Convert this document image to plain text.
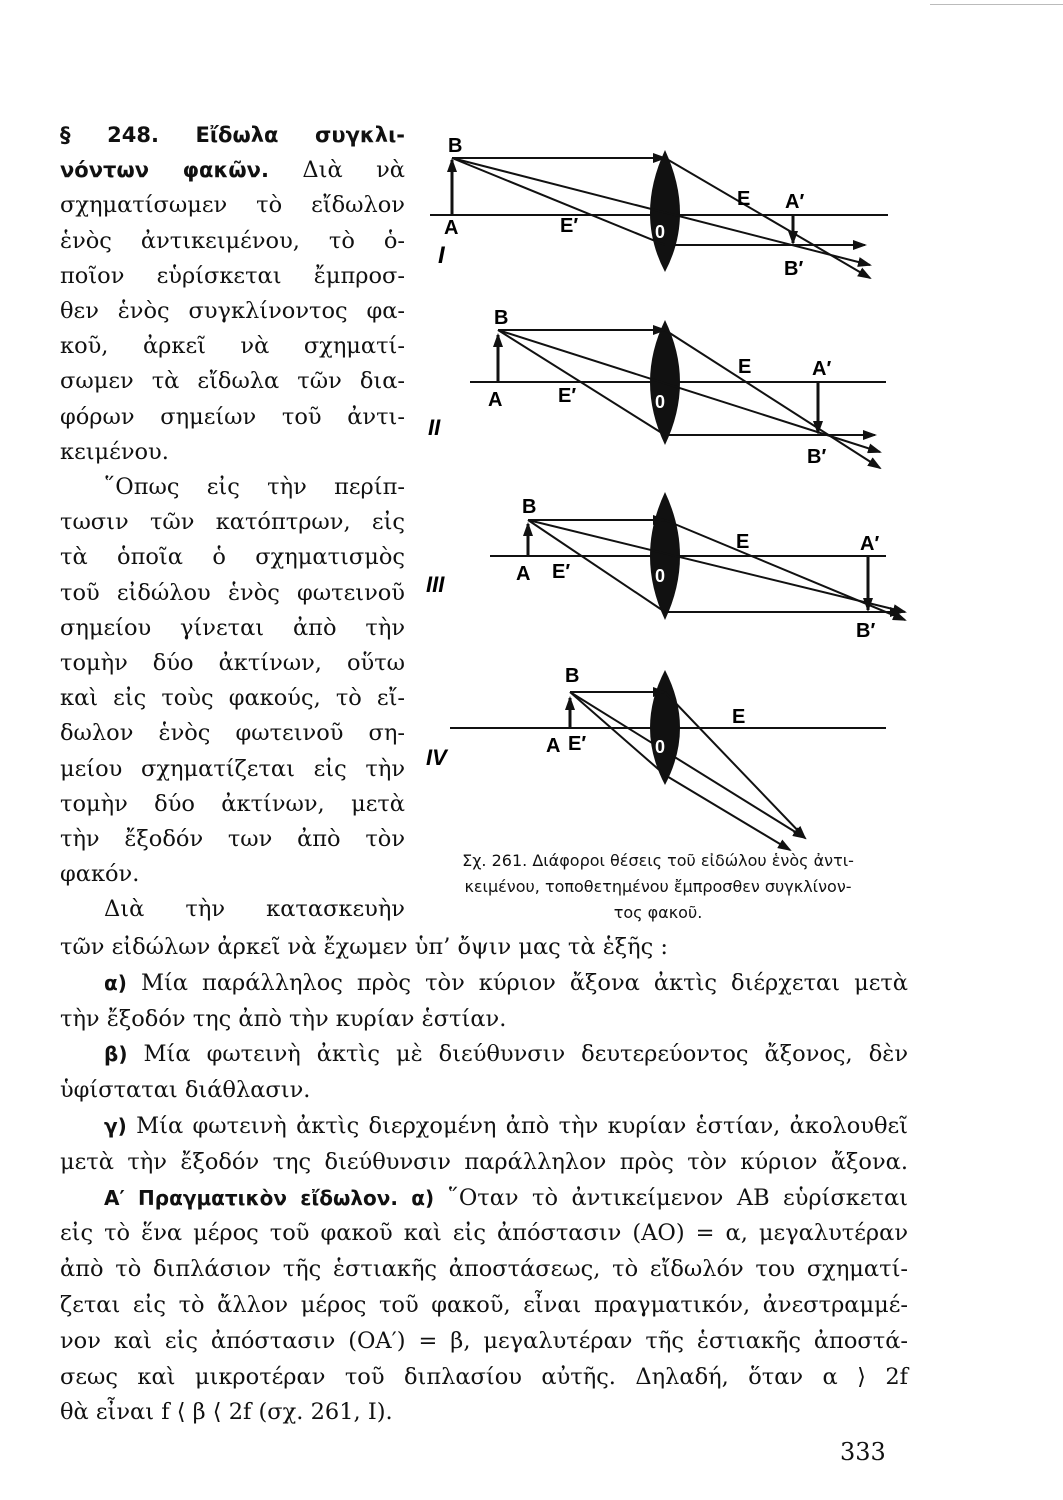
§ 248. Εἴδωλα συγκλι-
νόντων φακῶν. Διὰ νὰ
σχηματίσωμεν τὸ εἴδωλον
ἑνὸς ἀντικειμένου, τὸ ὁ-
ποῖον εὑρίσκεται ἔμπροσ-
θεν ἑνὸς συγκλίνοντος φα-
κοῦ, ἀρκεῖ νὰ σχηματί-
σωμεν τὰ εἴδωλα τῶν δια-
φόρων σημείων τοῦ ἀντι-
κειμένου.
῞Οπως εἰς τὴν περίπ-
τωσιν τῶν κατόπτρων, εἰς
τὰ ὁποῖα ὁ σχηματισμὸς
τοῦ εἰδώλου ἑνὸς φωτεινοῦ
σημείου γίνεται ἀπὸ τὴν
τομὴν δύο ἀκτίνων, οὕτω
καὶ εἰς τοὺς φακούς, τὸ εἴ-
δωλον ἑνὸς φωτεινοῦ ση-
μείου σχηματίζεται εἰς τὴν
τομὴν δύο ἀκτίνων, μετὰ
τὴν ἔξοδόν των ἀπὸ τὸν
φακόν.
Διὰ τὴν κατασκευὴν
B
A	E′	0
E A′
B′
I
B
A	E′	0
E	A′
B′
II
B
A E′	0
E	A′
B′
III
B
A E′	0
E
IV
Σχ. 261. Διάφοροι θέσεις τοῦ εἰδώλου ἑνὸς ἀντι-
κειμένου, τοποθετημένου ἔμπροσθεν συγκλίνον-
τος φακοῦ.
τῶν εἰδώλων ἀρκεῖ νὰ ἔχωμεν ὑπ’ ὄψιν μας τὰ ἑξῆς :
α) Μία παράλληλος πρὸς τὸν κύριον ἄξονα ἀκτὶς διέρχεται μετὰ
τὴν ἔξοδόν της ἀπὸ τὴν κυρίαν ἑστίαν.
β) Μία φωτεινὴ ἀκτὶς μὲ διεύθυνσιν δευτερεύοντος ἄξονος, δὲν
ὑφίσταται διάθλασιν.
γ) Μία φωτεινὴ ἀκτὶς διερχομένη ἀπὸ τὴν κυρίαν ἑστίαν, ἀκολουθεῖ
μετὰ τὴν ἔξοδόν της διεύθυνσιν παράλληλον πρὸς τὸν κύριον ἄξονα.
Α′ Πραγματικὸν εἴδωλον. α) ῞Οταν τὸ ἀντικείμενον ΑΒ εὑρίσκεται
εἰς τὸ ἕνα μέρος τοῦ φακοῦ καὶ εἰς ἀπόστασιν (ΑΟ) = α, μεγαλυτέραν
ἀπὸ τὸ διπλάσιον τῆς ἑστιακῆς ἀποστάσεως, τὸ εἴδωλόν του σχηματί-
ζεται εἰς τὸ ἄλλον μέρος τοῦ φακοῦ, εἶναι πραγματικόν, ἀνεστραμμέ-
νον καὶ εἰς ἀπόστασιν (ΟΑ′) = β, μεγαλυτέραν τῆς ἑστιακῆς ἀποστά-
σεως καὶ μικροτέραν τοῦ διπλασίου αὐτῆς. Δηλαδή, ὅταν α ⟩ 2f
θὰ εἶναι f ⟨ β ⟨ 2f (σχ. 261, I).
333
